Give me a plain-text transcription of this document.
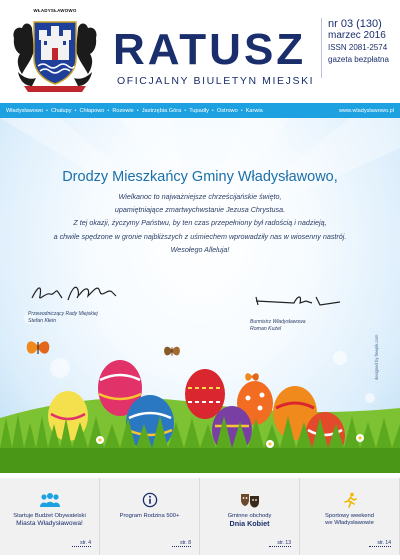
WŁADYSŁAWOWO
RATUSZ
OFICJALNY BIULETYN MIEJSKI
nr 03 (130)
marzec 2016
ISSN 2081-2574
gazeta bezpłatna
Władysławowo • Chałupy • Chłapowo • Rozewie • Jastrzębia Góra • Tupadły • Ostrowo • Karwia	www.wladyslawowo.pl
Drodzy Mieszkańcy Gminy Władysławowo,
Wielkanoc to najważniejsze chrześcijańskie święto,
upamiętniające zmartwychwstanie Jezusa Chrystusa.
Z tej okazji, życzymy Państwu, by ten czas przepełniony był radością i nadzieją,
a chwile spędzone w gronie najbliższych z uśmiechem wprowadziły nas w wiosenny nastrój.
Wesołego Alleluja!
Przewodniczący Rady Miejskiej
Stefan Kłein	Burmistrz Władysławowa
Roman Kużel
designed by freepik.com
Startuje Budżet Obywatelski
Miasta Władysławowa!
str. 4
Program Rodzina 500+
str. 8
Gminne obchody
Dnia Kobiet
str. 13
Sportowy weekend
we Władysławowie
str. 14
